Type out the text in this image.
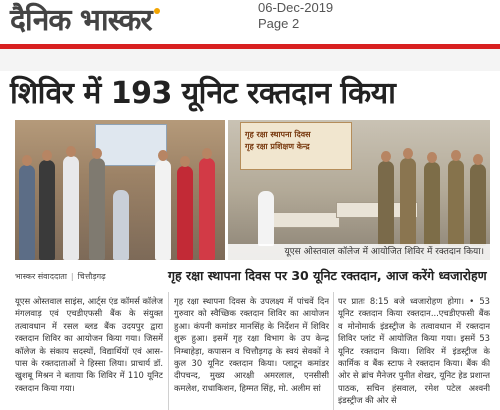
दैनिक भास्कर	06-Dec-2019
Page 2
शिविर में 193 यूनिट रक्तदान किया
गृह रक्षा स्थापना दिवस
गृह रक्षा प्रशिक्षण केन्द्र
यूएस ओस्तवाल कॉलेज में आयोजित शिविर में रक्तदान किया।
भास्कर संवाददाता | चित्तौड़गढ़	गृह रक्षा स्थापना दिवस पर 30 यूनिट रक्तदान, आज करेंगे ध्वजारोहण

यूएस ओस्तवाल साइंस, आर्ट्स एंड कॉमर्स कॉलेज मंगलवाड़ एवं एचडीएफसी बैंक के संयुक्त तत्वावधान में रसल ब्लड बैंक उदयपुर द्वारा रक्तदान शिविर का आयोजन किया गया। जिसमें कॉलेज के संकाय सदस्यों, विद्यार्थियों एवं आस-पास के रक्तदाताओं ने हिस्सा लिया। प्राचार्य डॉ. खुशबू मिश्रन ने बताया कि शिविर में 110 यूनिट रक्तदान किया गया।

गृह रक्षा स्थापना दिवस के उपलक्ष्य में पांचवें दिन गुरुवार को स्वैच्छिक रक्तदान शिविर का आयोजन हुआ। कंपनी कमांडर मानसिंह के निर्देशन में शिविर शुरू हुआ। इसमें गृह रक्षा विभाग के उप केन्द्र निम्बाहेड़ा, कपासन व चित्तौड़गढ़ के स्वयं सेवकों ने कुल 30 यूनिट रक्तदान किया। प्लाटून कमांडर दीपचन्द, मुख्य आरक्षी अमरलाल, एनसीसी कमलेश, राधाकिशन, हिम्मत सिंह, मो. अलीम सां

पर प्रातः 8:15 बजे ध्वजारोहण होगा। • 53 यूनिट रक्तदान किया रक्तदान...एचडीएफसी बैंक व मोनोमार्क इंडस्ट्रीज के तत्वावधान में रक्तदान शिविर प्लांट में आयोजित किया गया। इसमें 53 यूनिट रक्तदान किया। शिविर में इंडस्ट्रीज के कार्मिक व बैंक स्टाफ ने रक्तदान किया। बैंक की ओर से ब्रांच मैनेजर पुनीत शेखर, यूनिट हेड प्रशान्त पाठक, सचिन हंसवाल, रमेश पटेल अश्वनी इंडस्ट्रीज की ओर से
